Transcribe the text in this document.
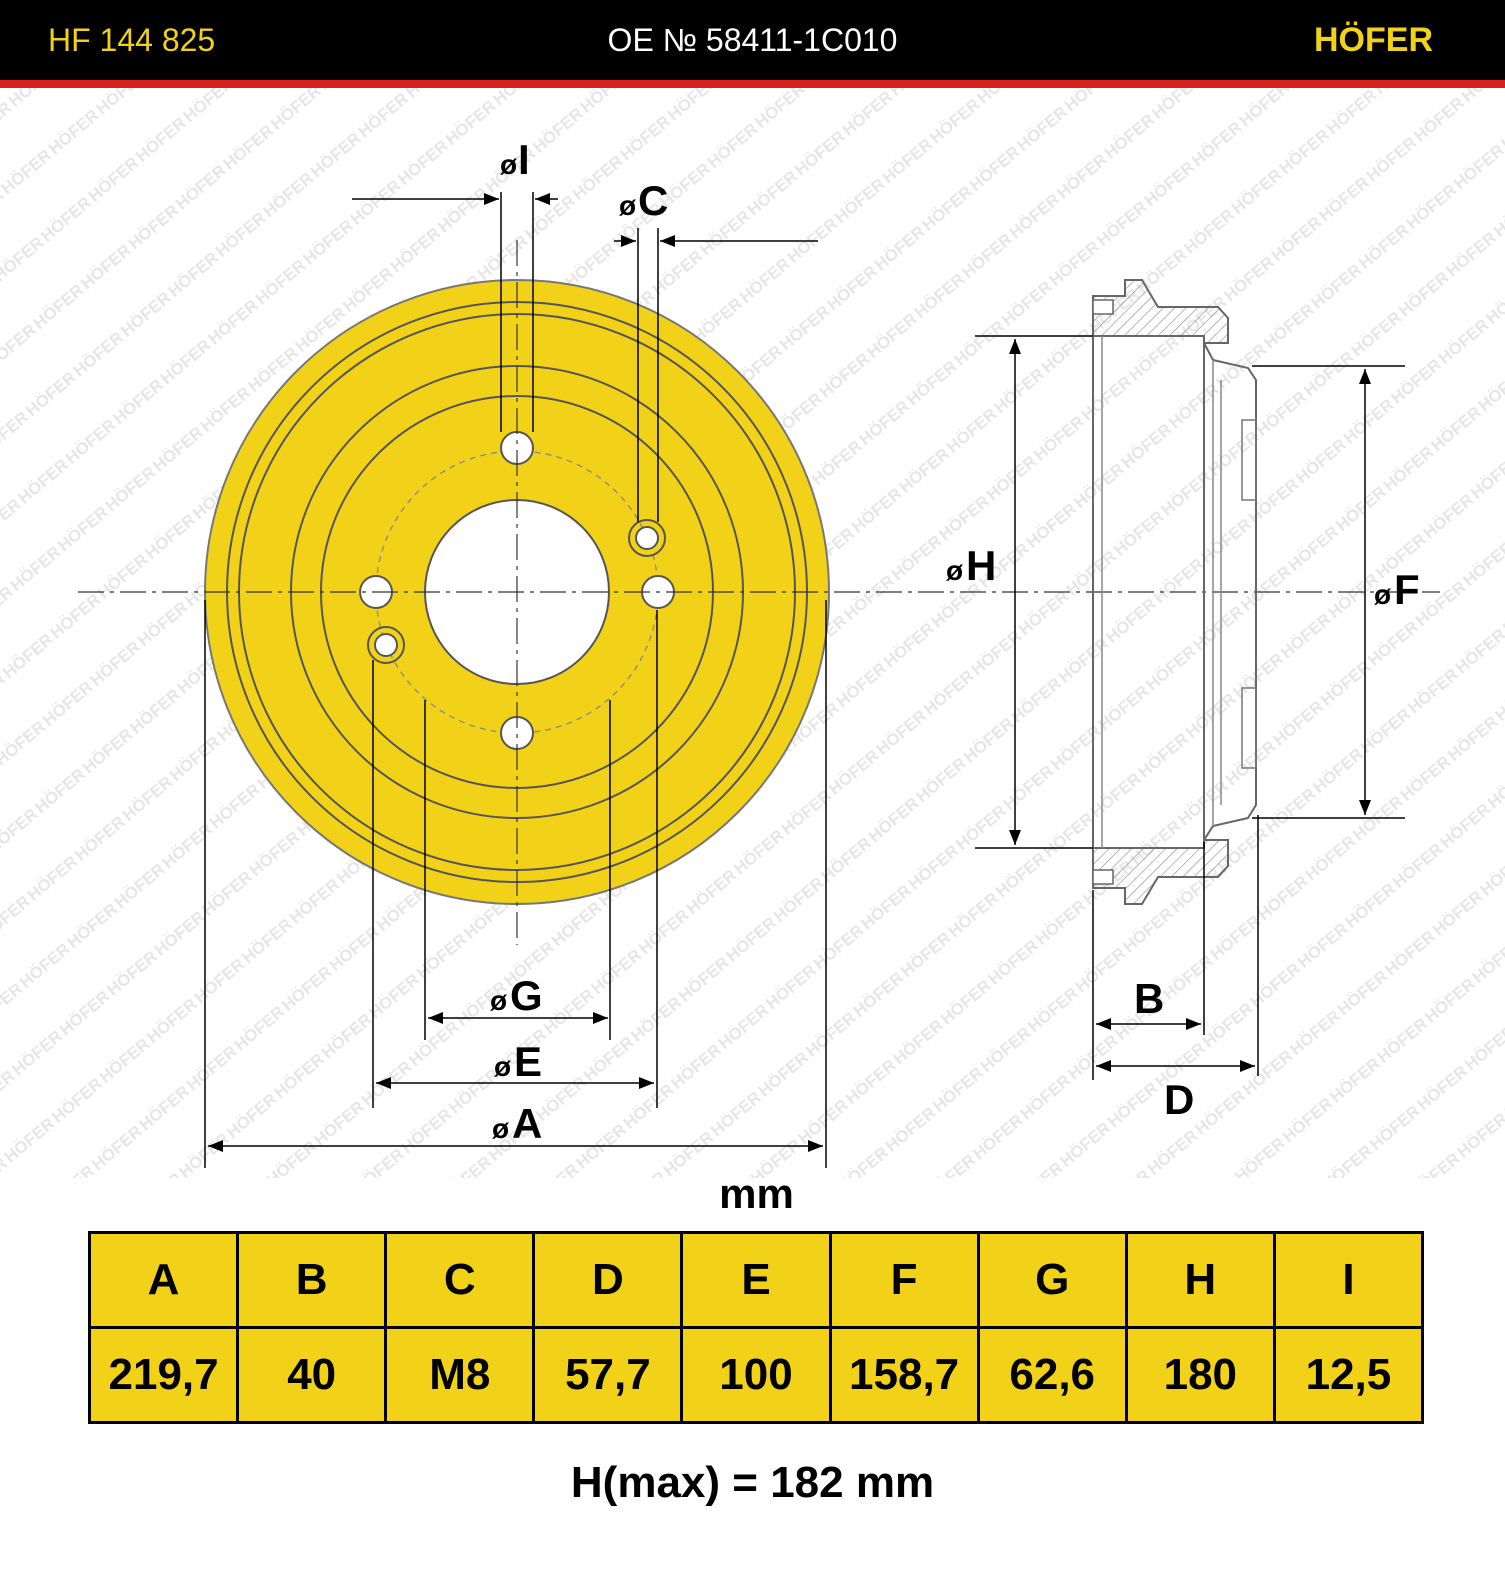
HF 144 825	OE № 58411-1C010	HÖFER
ø I
ø C
ø G
ø E
ø A
ø H
ø F
B
D
mm
A	B	C	D	E	F	G	H	I
219,7	40	M8	57,7	100	158,7	62,6	180	12,5
H(max) = 182 mm
